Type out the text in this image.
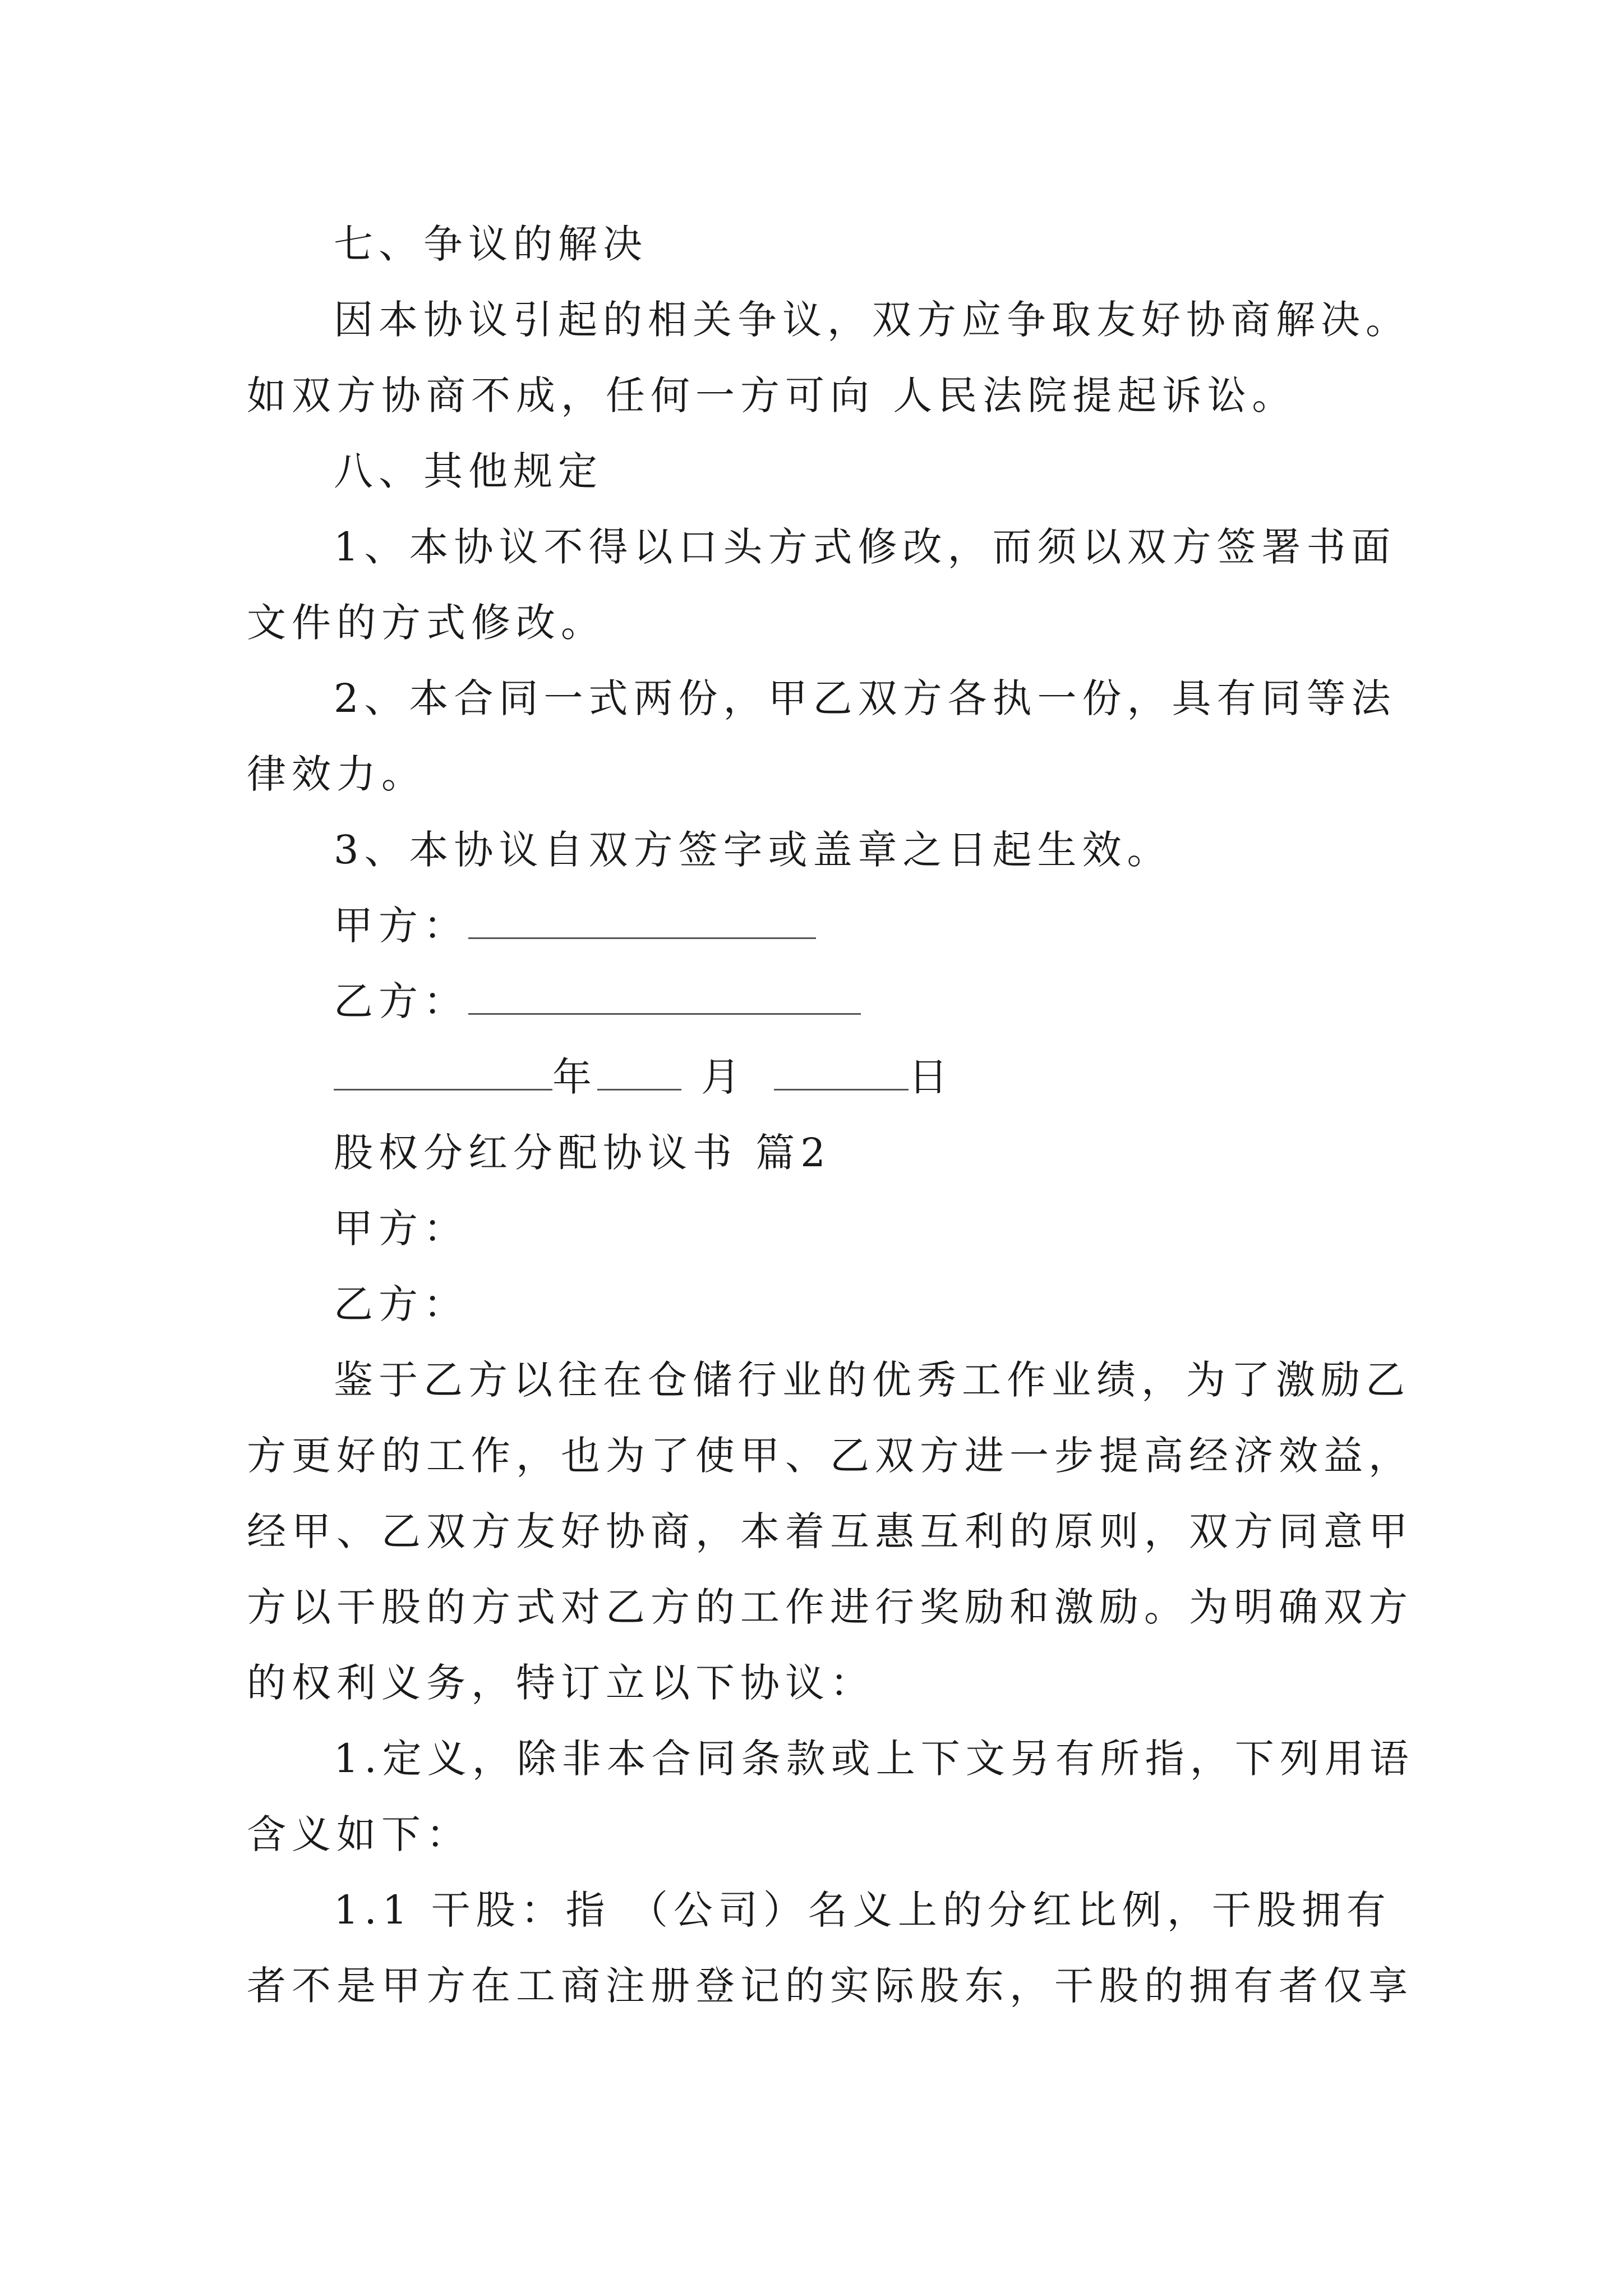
七、争议的解决
因本协议引起的相关争议，双方应争取友好协商解决。
如双方协商不成，任何一方可向 人民法院提起诉讼。
八、其他规定
1、本协议不得以口头方式修改，而须以双方签署书面
文件的方式修改。
2、本合同一式两份，甲乙双方各执一份，具有同等法
律效力。
3、本协议自双方签字或盖章之日起生效。
甲方：
乙方：
年	月	日
股权分红分配协议书 篇2
甲方：
乙方：
鉴于乙方以往在仓储行业的优秀工作业绩，为了激励乙
方更好的工作，也为了使甲、乙双方进一步提高经济效益，
经甲、乙双方友好协商，本着互惠互利的原则，双方同意甲
方以干股的方式对乙方的工作进行奖励和激励。为明确双方
的权利义务，特订立以下协议：
1.定义，除非本合同条款或上下文另有所指，下列用语
含义如下：
1.1 干股：指 （公司）名义上的分红比例，干股拥有
者不是甲方在工商注册登记的实际股东，干股的拥有者仅享
